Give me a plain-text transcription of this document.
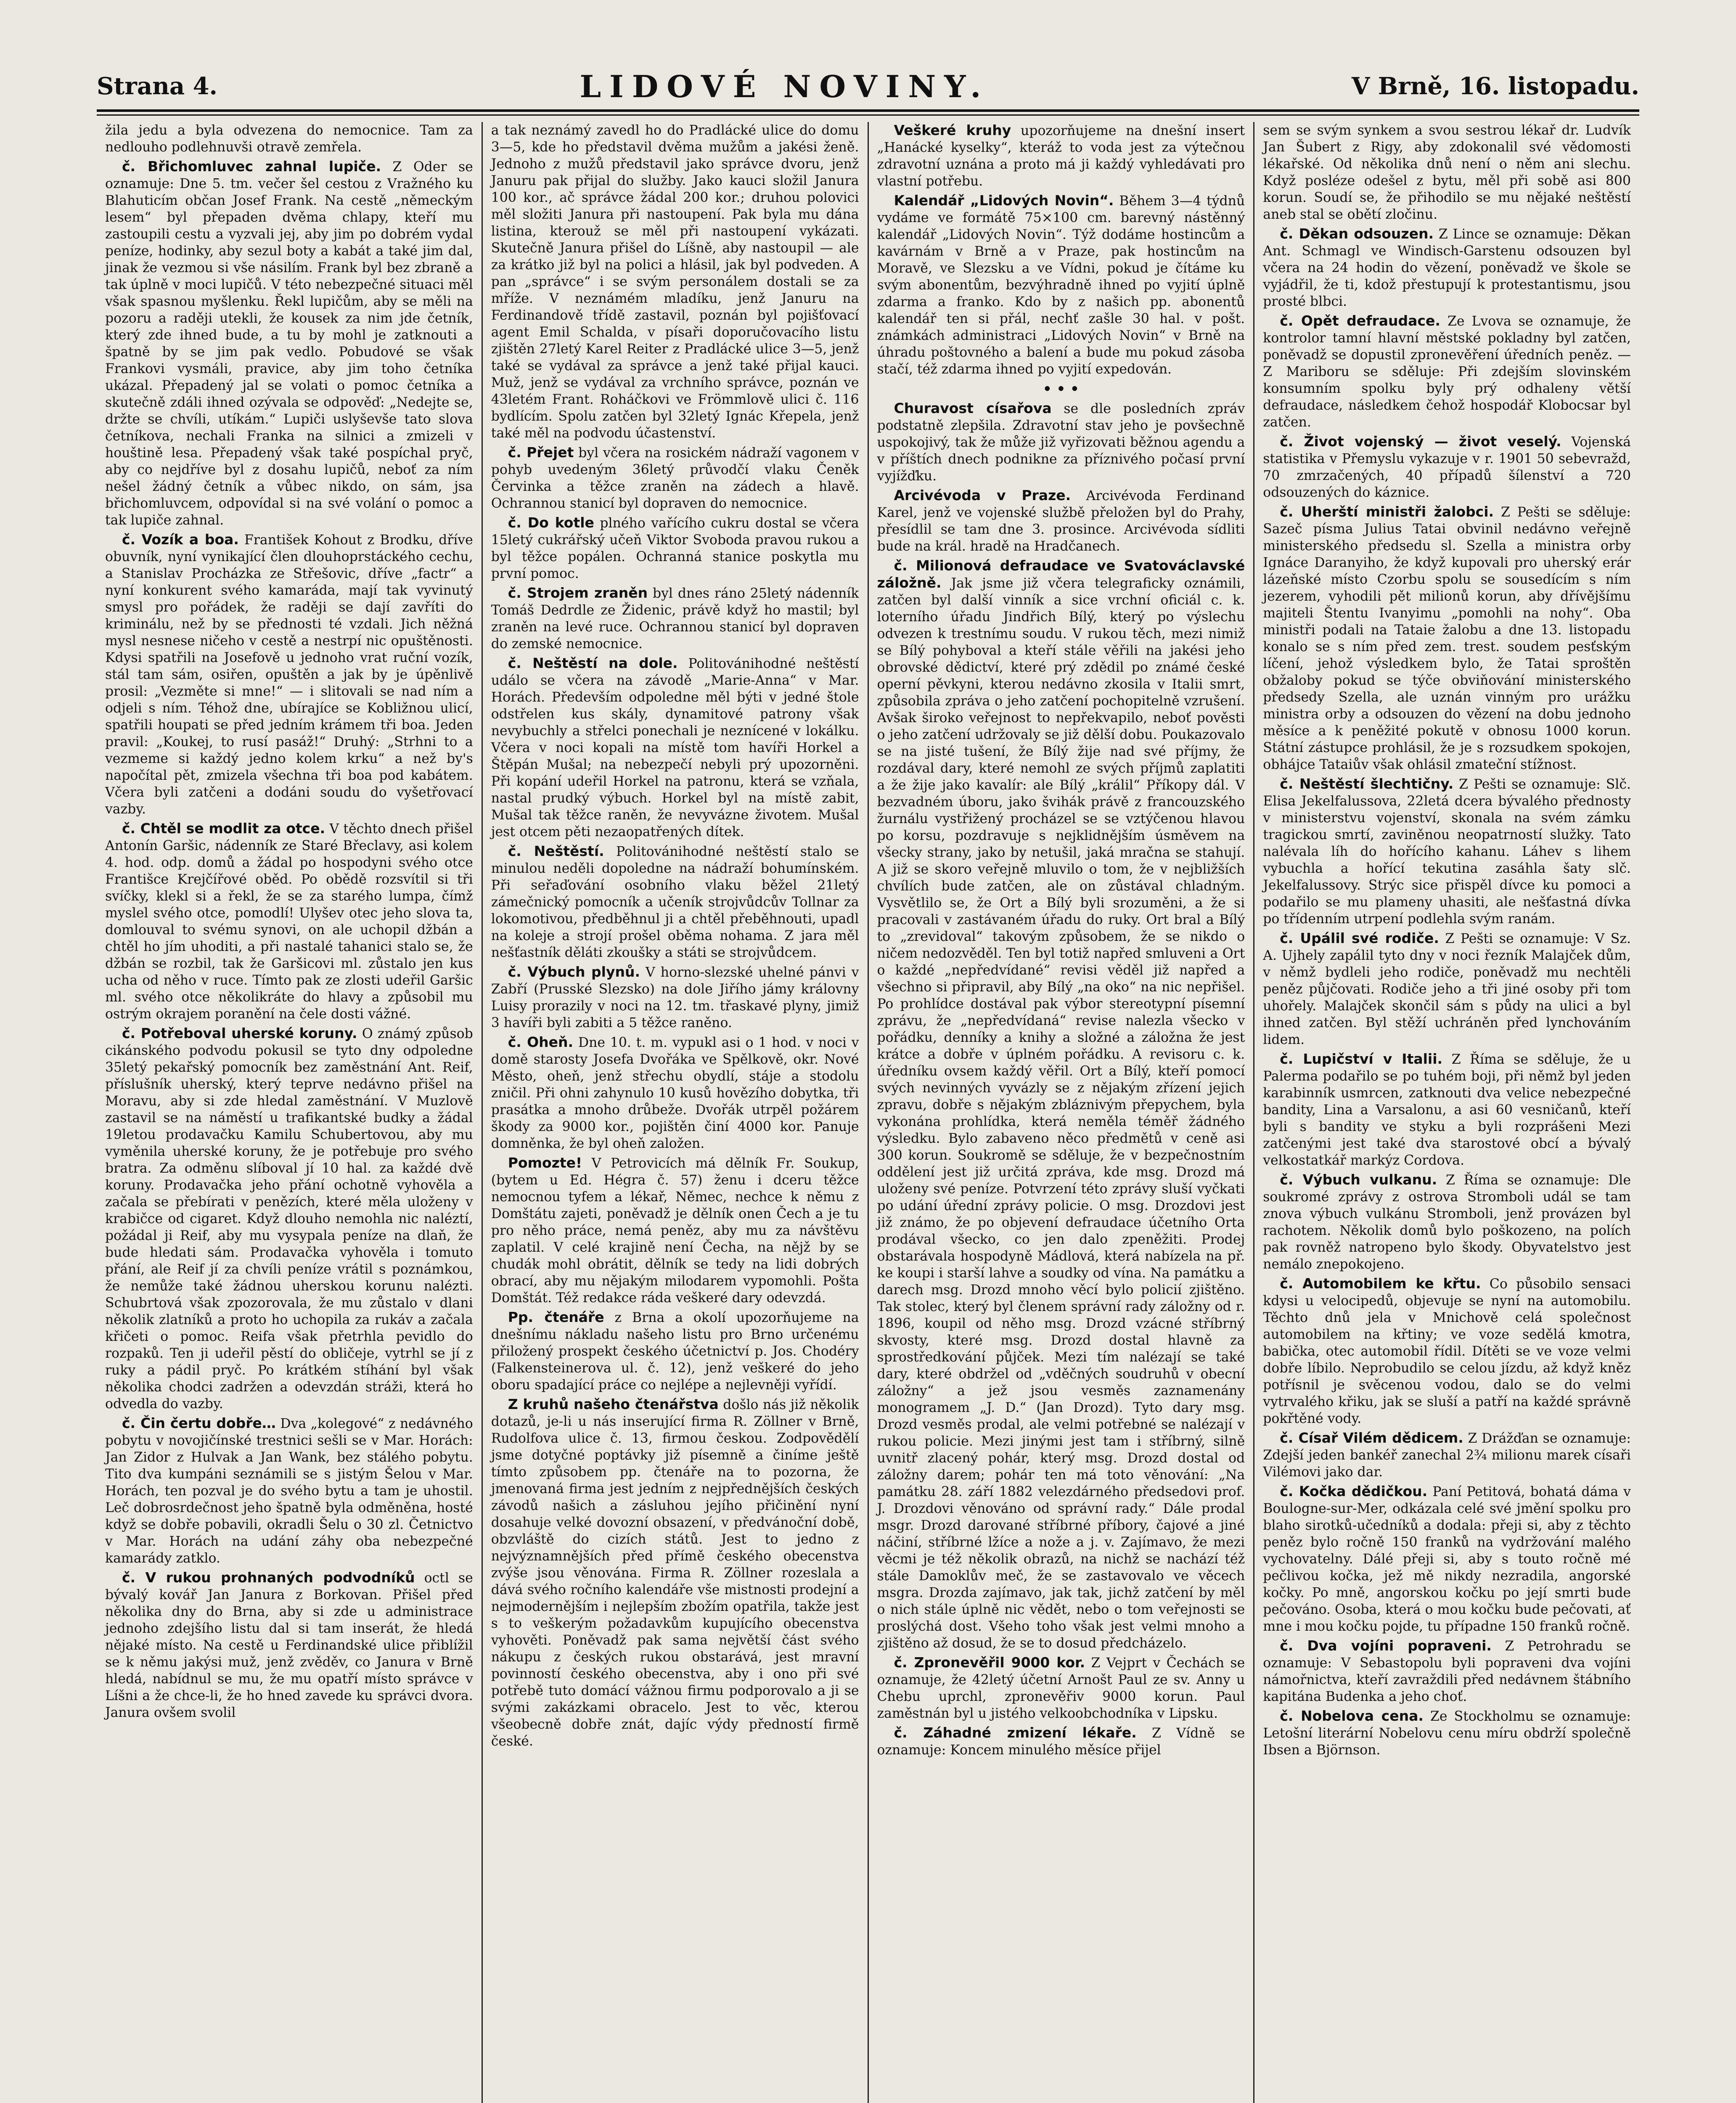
Strana 4.	LIDOVÉ NOVINY.	V Brně, 16. listopadu.

žila jedu a byla odvezena do nemocnice. Tam za nedlouho podlehnuvši otravě zemřela.

č. Břichomluvec zahnal lupiče. Z Oder se oznamuje: Dne 5. tm. večer šel cestou z Vražného ku Blahuticím občan Josef Frank. Na cestě „německým lesem“ byl přepaden dvěma chlapy, kteří mu zastoupili cestu a vyzvali jej, aby jim po dobrém vydal peníze, hodinky, aby sezul boty a kabát a také jim dal, jinak že vezmou si vše násilím. Frank byl bez zbraně a tak úplně v moci lupičů. V této nebezpečné situaci měl však spasnou myšlenku. Řekl lupičům, aby se měli na pozoru a raději utekli, že kousek za nim jde četník, který zde ihned bude, a tu by mohl je zatknouti a špatně by se jim pak vedlo. Pobudové se však Frankovi vysmáli, pravice, aby jim toho četníka ukázal. Přepadený jal se volati o pomoc četníka a skutečně zdáli ihned ozývala se odpověď: „Nedejte se, držte se chvíli, utíkám.“ Lupiči uslyševše tato slova četníkova, nechali Franka na silnici a zmizeli v houštině lesa. Přepadený však také pospíchal pryč, aby co nejdříve byl z dosahu lupičů, neboť za ním nešel žádný četník a vůbec nikdo, on sám, jsa břichomluvcem, odpovídal si na své volání o pomoc a tak lupiče zahnal.

č. Vozík a boa. František Kohout z Brodku, dříve obuvník, nyní vynikající člen dlouhoprstáckého cechu, a Stanislav Procházka ze Střešovic, dříve „factr“ a nyní konkurent svého kamaráda, mají tak vyvinutý smysl pro pořádek, že raději se dají zavříti do kriminálu, než by se přednosti té vzdali. Jich něžná mysl nesnese ničeho v cestě a nestrpí nic opuštěnosti. Kdysi spatřili na Josefově u jednoho vrat ruční vozík, stál tam sám, osiřen, opuštěn a jak by je úpěnlivě prosil: „Vezměte si mne!“ — i slitovali se nad ním a odjeli s ním. Téhož dne, ubírajíce se Kobližnou ulicí, spatřili houpati se před jedním krámem tři boa. Jeden pravil: „Koukej, to rusí pasáž!“ Druhý: „Strhni to a vezmeme si každý jedno kolem krku“ a než by's napočítal pět, zmizela všechna tři boa pod kabátem. Včera byli zatčeni a dodáni soudu do vyšetřovací vazby.

č. Chtěl se modlit za otce. V těchto dnech přišel Antonín Garšic, nádenník ze Staré Břeclavy, asi kolem 4. hod. odp. domů a žádal po hospodyni svého otce Františce Krejčířové oběd. Po obědě rozsvítil si tři svíčky, klekl si a řekl, že se za starého lumpa, čímž myslel svého otce, pomodlí! Ulyšev otec jeho slova ta, domlouval to svému synovi, on ale uchopil džbán a chtěl ho jím uhoditi, a při nastalé tahanici stalo se, že džbán se rozbil, tak že Garšicovi ml. zůstalo jen kus ucha od něho v ruce. Tímto pak ze zlosti udeřil Garšic ml. svého otce několikráte do hlavy a způsobil mu ostrým okrajem poranění na čele dosti vážné.

č. Potřeboval uherské koruny. O známý způsob cikánského podvodu pokusil se tyto dny odpoledne 35letý pekařský pomocník bez zaměstnání Ant. Reif, příslušník uherský, který teprve nedávno přišel na Moravu, aby si zde hledal zaměstnání. V Muzlově zastavil se na náměstí u trafikantské budky a žádal 19letou prodavačku Kamilu Schubertovou, aby mu vyměnila uherské koruny, že je potřebuje pro svého bratra. Za odměnu slíboval jí 10 hal. za každé dvě koruny. Prodavačka jeho přání ochotně vyhověla a začala se přebírati v penězích, které měla uloženy v krabičce od cigaret. Když dlouho nemohla nic naléztí, požádal ji Reif, aby mu vysypala peníze na dlaň, že bude hledati sám. Prodavačka vyhověla i tomuto přání, ale Reif jí za chvíli peníze vrátil s poznámkou, že nemůže také žádnou uherskou korunu nalézti. Schubrtová však zpozorovala, že mu zůstalo v dlani několik zlatníků a proto ho uchopila za rukáv a začala křičeti o pomoc. Reifa však přetrhla pevidlo do rozpaků. Ten ji udeřil pěstí do obličeje, vytrhl se jí z ruky a pádil pryč. Po krátkém stíhání byl však několika chodci zadržen a odevzdán stráži, která ho odvedla do vazby.

č. Čin čertu dobře… Dva „kolegové“ z nedávného pobytu v novojičínské trestnici sešli se v Mar. Horách: Jan Zidor z Hulvak a Jan Wank, bez stálého pobytu. Tito dva kumpáni seznámili se s jistým Šelou v Mar. Horách, ten pozval je do svého bytu a tam je uhostil. Leč dobrosrdečnost jeho špatně byla odměněna, hosté když se dobře pobavili, okradli Šelu o 30 zl. Četnictvo v Mar. Horách na udání záhy oba nebezpečné kamarády zatklo.

č. V rukou prohnaných podvodníků octl se bývalý kovář Jan Janura z Borkovan. Přišel před několika dny do Brna, aby si zde u administrace jednoho zdejšího listu dal si tam inserát, že hledá nějaké místo. Na cestě u Ferdinandské ulice přiblížil se k němu jakýsi muž, jenž zvěděv, co Janura v Brně hledá, nabídnul se mu, že mu opatří místo správce v Líšni a že chce-li, že ho hned zavede ku správci dvora. Janura ovšem svolil

a tak neznámý zavedl ho do Pradlácké ulice do domu 3—5, kde ho představil dvěma mužům a jakési ženě. Jednoho z mužů představil jako správce dvoru, jenž Januru pak přijal do služby. Jako kauci složil Janura 100 kor., ač správce žádal 200 kor.; druhou polovici měl složiti Janura při nastoupení. Pak byla mu dána listina, kterouž se měl při nastoupení vykázati. Skutečně Janura přišel do Líšně, aby nastoupil — ale za krátko již byl na polici a hlásil, jak byl podveden. A pan „správce“ i se svým personálem dostali se za mříže. V neznámém mladíku, jenž Januru na Ferdinandově třídě zastavil, poznán byl pojišťovací agent Emil Schalda, v písaři doporučovacího listu zjištěn 27letý Karel Reiter z Pradlácké ulice 3—5, jenž také se vydával za správce a jenž také přijal kauci. Muž, jenž se vydával za vrchního správce, poznán ve 43letém Frant. Roháčkovi ve Frömmlově ulici č. 116 bydlícím. Spolu zatčen byl 32letý Ignác Křepela, jenž také měl na podvodu účastenství.

č. Přejet byl včera na rosickém nádraží vagonem v pohyb uvedeným 36letý průvodčí vlaku Čeněk Červinka a těžce zraněn na zádech a hlavě. Ochrannou stanicí byl dopraven do nemocnice.

č. Do kotle plného vařícího cukru dostal se včera 15letý cukrářský učeň Viktor Svoboda pravou rukou a byl těžce popálen. Ochranná stanice poskytla mu první pomoc.

č. Strojem zraněn byl dnes ráno 25letý nádenník Tomáš Dedrdle ze Židenic, právě když ho mastil; byl zraněn na levé ruce. Ochrannou stanicí byl dopraven do zemské nemocnice.

č. Neštěstí na dole. Politovánihodné neštěstí událo se včera na závodě „Marie-Anna“ v Mar. Horách. Především odpoledne měl býti v jedné štole odstřelen kus skály, dynamitové patrony však nevybuchly a střelci ponechali je neznícené v lokálku. Včera v noci kopali na místě tom havíři Horkel a Štěpán Mušal; na nebezpečí nebyli prý upozorněni. Při kopání udeřil Horkel na patronu, která se vzňala, nastal prudký výbuch. Horkel byl na místě zabit, Mušal tak těžce raněn, že nevyvázne životem. Mušal jest otcem pěti nezaopatřených dítek.

č. Neštěstí. Politovánihodné neštěstí stalo se minulou neděli dopoledne na nádraží bohumínském. Při seřaďování osobního vlaku běžel 21letý zámečnický pomocník a učeník strojvůdcův Tollnar za lokomotivou, předběhnul ji a chtěl přeběhnouti, upadl na koleje a strojí prošel oběma nohama. Z jara měl nešťastník děláti zkoušky a státi se strojvůdcem.

č. Výbuch plynů. V horno-slezské uhelné pánvi v Zabří (Prusské Slezsko) na dole Jiřího jámy královny Luisy prorazily v noci na 12. tm. třaskavé plyny, jimiž 3 havíři byli zabiti a 5 těžce raněno.

č. Oheň. Dne 10. t. m. vypukl asi o 1 hod. v noci v domě starosty Josefa Dvořáka ve Spělkově, okr. Nové Město, oheň, jenž střechu obydlí, stáje a stodolu zničil. Při ohni zahynulo 10 kusů hovězího dobytka, tři prasátka a mnoho drůbeže. Dvořák utrpěl požárem škody za 9000 kor., pojištěn činí 4000 kor. Panuje domněnka, že byl oheň založen.

Pomozte! V Petrovicích má dělník Fr. Soukup, (bytem u Ed. Hégra č. 57) ženu i dceru těžce nemocnou tyfem a lékař, Němec, nechce k němu z Domštátu zajeti, poněvadž je dělník onen Čech a je tu pro něho práce, nemá peněz, aby mu za návštěvu zaplatil. V celé krajině není Čecha, na nějž by se chudák mohl obrátit, dělník se tedy na lidi dobrých obrací, aby mu nějakým milodarem vypomohli. Pošta Domštát. Též redakce ráda veškeré dary odevzdá.

Pp. čtenáře z Brna a okolí upozorňujeme na dnešnímu nákladu našeho listu pro Brno určenému přiložený prospekt českého účetnictví p. Jos. Chodéry (Falkensteinerova ul. č. 12), jenž veškeré do jeho oboru spadající práce co nejlépe a nejlevněji vyřídí.

Z kruhů našeho čtenářstva došlo nás již několik dotazů, je-li u nás inserující firma R. Zöllner v Brně, Rudolfova ulice č. 13, firmou českou. Zodpovědělí jsme dotyčné poptávky již písemně a činíme ještě tímto způsobem pp. čtenáře na to pozorna, že jmenovaná firma jest jedním z nejpřednějších českých závodů našich a zásluhou jejího přičinění nyní dosahuje velké dovozní obsazení, v předvánoční době, obzvláště do cizích států. Jest to jedno z nejvýznamnějších před přímě českého obecenstva zvýše jsou věnována. Firma R. Zöllner rozeslala a dává svého ročního kalendáře vše mistnosti prodejní a nejmodernějším i nejlepším zbožím opatřila, takže jest s to veškerým požadavkům kupujícího obecenstva vyhověti. Poněvadž pak sama největší část svého nákupu z českých rukou obstarává, jest mravní povinností českého obecenstva, aby i ono při své potřebě tuto domácí vážnou firmu podporovalo a ji se svými zakázkami obracelo. Jest to věc, kterou všeobecně dobře znát, dajíc výdy předností firmě české.

Veškeré kruhy upozorňujeme na dnešní insert „Hanácké kyselky“, kteráž to voda jest za výtečnou zdravotní uznána a proto má ji každý vyhledávati pro vlastní potřebu.

Kalendář „Lidových Novin“. Během 3—4 týdnů vydáme ve formátě 75×100 cm. barevný nástěnný kalendář „Lidových Novin“. Týž dodáme hostincům a kavárnám v Brně a v Praze, pak hostincům na Moravě, ve Slezsku a ve Vídni, pokud je čítáme ku svým abonentům, bezvýhradně ihned po vyjití úplně zdarma a franko. Kdo by z našich pp. abonentů kalendář ten si přál, nechť zašle 30 hal. v pošt. známkách administraci „Lidových Novin“ v Brně na úhradu poštovného a balení a bude mu pokud zásoba stačí, též zdarma ihned po vyjití expedován.

• • •

Churavost císařova se dle posledních zpráv podstatně zlepšila. Zdravotní stav jeho je povšechně uspokojivý, tak že může již vyřizovati běžnou agendu a v příštích dnech podnikne za příznivého počasí první vyjížďku.

Arcivévoda v Praze. Arcivévoda Ferdinand Karel, jenž ve vojenské službě přeložen byl do Prahy, přesídlil se tam dne 3. prosince. Arcivévoda sídliti bude na král. hradě na Hradčanech.

č. Milionová defraudace ve Svatováclavské záložně. Jak jsme již včera telegraficky oznámili, zatčen byl další vinník a sice vrchní oficiál c. k. loterního úřadu Jindřich Bílý, který po výslechu odvezen k trestnímu soudu. V rukou těch, mezi nimiž se Bílý pohyboval a kteří stále věřili na jakési jeho obrovské dědictví, které prý zdědil po známé české operní pěvkyni, kterou nedávno zkosila v Italii smrt, způsobila zpráva o jeho zatčení pochopitelně vzrušení. Avšak široko veřejnost to nepřekvapilo, neboť pověsti o jeho zatčení udržovaly se již dělší dobu. Poukazovalo se na jisté tušení, že Bílý žije nad své příjmy, že rozdával dary, které nemohl ze svých příjmů zaplatiti a že žije jako kavalír: ale Bílý „králil“ Příkopy dál. V bezvadném úboru, jako švihák právě z francouzského žurnálu vystřižený procházel se se vztýčenou hlavou po korsu, pozdravuje s nejklidnějším úsměvem na všecky strany, jako by netušil, jaká mračna se stahují. A již se skoro veřejně mluvilo o tom, že v nejbližších chvílích bude zatčen, ale on zůstával chladným. Vysvětlilo se, že Ort a Bílý byli srozuměni, a že si pracovali v zastávaném úřadu do ruky. Ort bral a Bílý to „zrevidoval“ takovým způsobem, že se nikdo o ničem nedozvěděl. Ten byl totiž napřed smluveni a Ort o každé „nepředvídané“ revisi věděl již napřed a všechno si připravil, aby Bílý „na oko“ na nic nepřišel. Po prohlídce dostával pak výbor stereotypní písemní zprávu, že „nepředvídaná“ revise nalezla všecko v pořádku, denníky a knihy a složné a záložna že jest krátce a dobře v úplném pořádku. A revisoru c. k. úředníku ovsem každý věřil. Ort a Bílý, kteří pomocí svých nevinných vyvázly se z nějakým zřízení jejich zpravu, dobře s nějakým zbláznivým přepychem, byla vykonána prohlídka, která neměla téměř žádného výsledku. Bylo zabaveno něco předmětů v ceně asi 300 korun. Soukromě se sděluje, že v bezpečnostním oddělení jest již určitá zpráva, kde msg. Drozd má uloženy své peníze. Potvrzení této zprávy sluší vyčkati po udání úřední zprávy policie. O msg. Drozdovi jest již známo, že po objevení defraudace účetního Orta prodával všecko, co jen dalo zpeněžiti. Prodej obstarávala hospodyně Mádlová, která nabízela na př. ke koupi i starší lahve a soudky od vína. Na památku a darech msg. Drozd mnoho věcí bylo policií zjištěno. Tak stolec, který byl členem správní rady záložny od r. 1896, koupil od něho msg. Drozd vzácné stříbrný skvosty, které msg. Drozd dostal hlavně za sprostředkování půjček. Mezi tím nalézají se také dary, které obdržel od „vděčných soudruhů v obecní záložny“ a jež jsou vesměs zaznamenány monogramem „J. D.“ (Jan Drozd). Tyto dary msg. Drozd vesměs prodal, ale velmi potřebné se nalézají v rukou policie. Mezi jinými jest tam i stříbrný, silně uvnitř zlacený pohár, který msg. Drozd dostal od záložny darem; pohár ten má toto věnování: „Na památku 28. září 1882 velezdárného předsedovi prof. J. Drozdovi věnováno od správní rady.“ Dále prodal msgr. Drozd darované stříbrné příbory, čajové a jiné náčiní, stříbrné lžíce a nože a j. v. Zajímavo, že mezi věcmi je též několik obrazů, na nichž se nachází též stále Damoklův meč, že se zastavovalo ve věcech msgra. Drozda zajímavo, jak tak, jichž zatčení by měl o nich stále úplně nic vědět, nebo o tom veřejnosti se proslýchá dost. Všeho toho však jest velmi mnoho a zjištěno až dosud, že se to dosud předcházelo.

č. Zpronevěřil 9000 kor. Z Vejprt v Čechách se oznamuje, že 42letý účetní Arnošt Paul ze sv. Anny u Chebu uprchl, zpronevěřiv 9000 korun. Paul zaměstnán byl u jistého velkoobchodníka v Lipsku.

č. Záhadné zmizení lékaře. Z Vídně se oznamuje: Koncem minulého měsíce přijel

sem se svým synkem a svou sestrou lékař dr. Ludvík Jan Šubert z Rigy, aby zdokonalil své vědomosti lékařské. Od několika dnů není o něm ani slechu. Když posléze odešel z bytu, měl při sobě asi 800 korun. Soudí se, že přihodilo se mu nějaké neštěstí aneb stal se obětí zločinu.

č. Děkan odsouzen. Z Lince se oznamuje: Děkan Ant. Schmagl ve Windisch-Garstenu odsouzen byl včera na 24 hodin do vězení, poněvadž ve škole se vyjádřil, že ti, kdož přestupují k protestantismu, jsou prosté blbci.

č. Opět defraudace. Ze Lvova se oznamuje, že kontrolor tamní hlavní městské pokladny byl zatčen, poněvadž se dopustil zpronevěření úředních peněz. — Z Mariboru se sděluje: Při zdejším slovinském konsumním spolku byly prý odhaleny větší defraudace, následkem čehož hospodář Klobocsar byl zatčen.

č. Život vojenský — život veselý. Vojenská statistika v Přemyslu vykazuje v r. 1901 50 sebevražd, 70 zmrzačených, 40 případů šílenství a 720 odsouzených do káznice.

č. Uherští ministři žalobci. Z Pešti se sděluje: Sazeč písma Julius Tatai obvinil nedávno veřejně ministerského předsedu sl. Szella a ministra orby Ignáce Daranyiho, že když kupovali pro uherský erár lázeňské místo Czorbu spolu se sousedícím s ním jezerem, vyhodili pět milionů korun, aby dřívějšímu majiteli Štentu Ivanyimu „pomohli na nohy“. Oba ministři podali na Tataie žalobu a dne 13. listopadu konalo se s ním před zem. trest. soudem pesťským líčení, jehož výsledkem bylo, že Tatai sproštěn obžaloby pokud se týče obviňování ministerského předsedy Szella, ale uznán vinným pro urážku ministra orby a odsouzen do vězení na dobu jednoho měsíce a k peněžité pokutě v obnosu 1000 korun. Státní zástupce prohlásil, že je s rozsudkem spokojen, obhájce Tataiův však ohlásil zmateční stížnost.

č. Neštěstí šlechtičny. Z Pešti se oznamuje: Slč. Elisa Jekelfalussova, 22letá dcera bývalého přednosty v ministerstvu vojenství, skonala na svém zámku tragickou smrtí, zaviněnou neopatrností služky. Tato nalévala líh do hořícího kahanu. Láhev s lihem vybuchla a hořící tekutina zasáhla šaty slč. Jekelfalussovy. Strýc sice přispěl dívce ku pomoci a podařilo se mu plameny uhasiti, ale nešťastná dívka po třídenním utrpení podlehla svým ranám.

č. Upálil své rodiče. Z Pešti se oznamuje: V Sz. A. Ujhely zapálil tyto dny v noci řezník Malajček dům, v němž bydleli jeho rodiče, poněvadž mu nechtěli peněz půjčovati. Rodiče jeho a tři jiné osoby při tom uhořely. Malajček skončil sám s půdy na ulici a byl ihned zatčen. Byl stěží uchráněn před lynchováním lidem.

č. Lupičství v Italii. Z Říma se sděluje, že u Palerma podařilo se po tuhém boji, při němž byl jeden karabinník usmrcen, zatknouti dva velice nebezpečné bandity, Lina a Varsalonu, a asi 60 vesničanů, kteří byli s bandity ve styku a byli rozprášeni Mezi zatčenými jest také dva starostové obcí a bývalý velkostatkář markýz Cordova.

č. Výbuch vulkanu. Z Říma se oznamuje: Dle soukromé zprávy z ostrova Stromboli udál se tam znova výbuch vulkánu Stromboli, jenž provázen byl rachotem. Několik domů bylo poškozeno, na polích pak rovněž natropeno bylo škody. Obyvatelstvo jest nemálo znepokojeno.

č. Automobilem ke křtu. Co působilo sensaci kdysi u velocipedů, objevuje se nyní na automobilu. Těchto dnů jela v Mnichově celá společnost automobilem na křtiny; ve voze sedělá kmotra, babička, otec automobil řídil. Dítěti se ve voze velmi dobře líbilo. Neprobudilo se celou jízdu, až když kněz potřísnil je svěcenou vodou, dalo se do velmi vytrvalého křiku, jak se sluší a patří na každé správně pokřtěné vody.

č. Císař Vilém dědicem. Z Drážďan se oznamuje: Zdejší jeden bankéř zanechal 2¾ milionu marek císaři Vilémovi jako dar.

č. Kočka dědičkou. Paní Petitová, bohatá dáma v Boulogne-sur-Mer, odkázala celé své jmění spolku pro blaho sirotků-učedníků a dodala: přeji si, aby z těchto peněz bylo ročně 150 franků na vydržování malého vychovatelny. Dálé přeji si, aby s touto ročně mé pečlivou kočka, jež mě nikdy nezradila, angorské kočky. Po mně, angorskou kočku po její smrti bude pečováno. Osoba, která o mou kočku bude pečovati, ať mne i mou kočku pojde, tu případne 150 franků ročně.

č. Dva vojíni popraveni. Z Petrohradu se oznamuje: V Sebastopolu byli popraveni dva vojíni námořnictva, kteří zavraždili před nedávnem štábního kapitána Budenka a jeho choť.

č. Nobelova cena. Ze Stockholmu se oznamuje: Letošní literární Nobelovu cenu míru obdrží společně Ibsen a Björnson.
